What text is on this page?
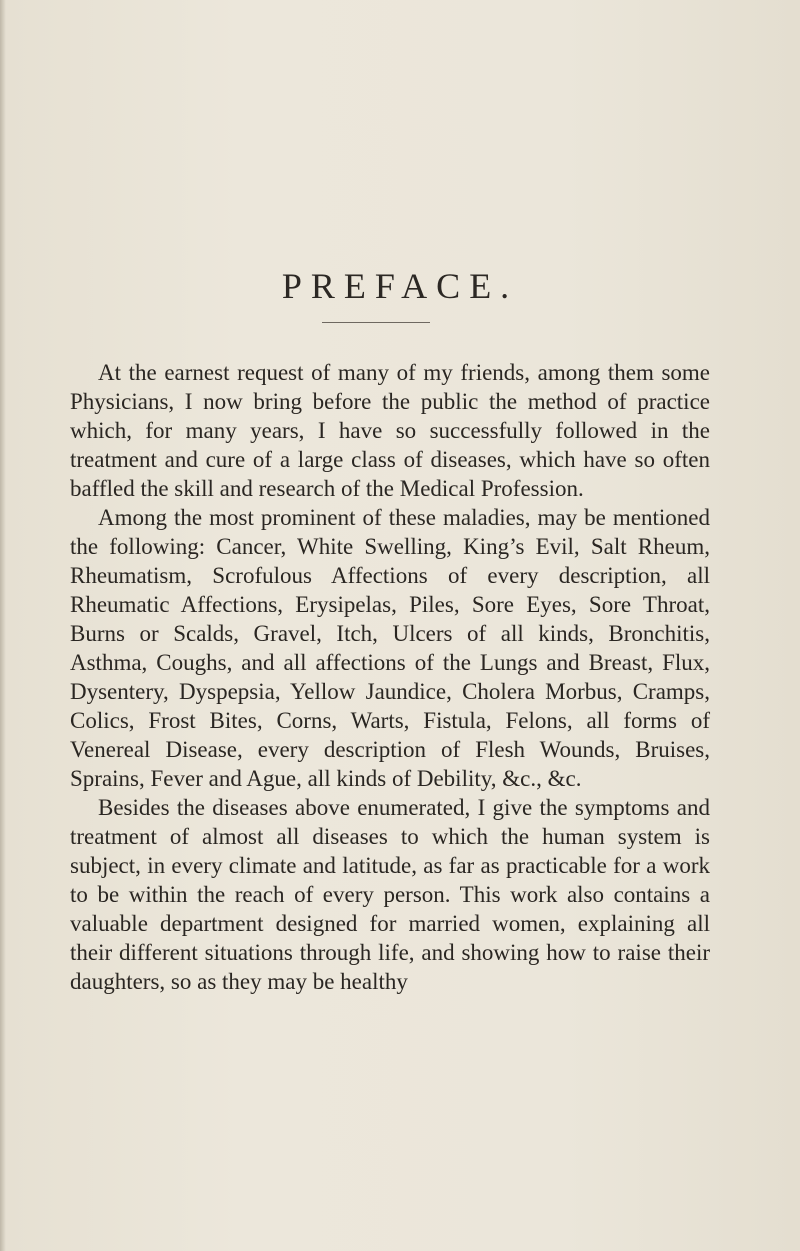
PREFACE.

At the earnest request of many of my friends, among them some Physicians, I now bring before the public the method of practice which, for many years, I have so successfully followed in the treatment and cure of a large class of diseases, which have so often baffled the skill and research of the Medical Profession.

Among the most prominent of these maladies, may be mentioned the following: Cancer, White Swelling, King’s Evil, Salt Rheum, Rheumatism, Scrofulous Affections of every description, all Rheumatic Affections, Erysipelas, Piles, Sore Eyes, Sore Throat, Burns or Scalds, Gravel, Itch, Ulcers of all kinds, Bronchitis, Asthma, Coughs, and all affections of the Lungs and Breast, Flux, Dysentery, Dyspepsia, Yellow Jaundice, Cholera Morbus, Cramps, Colics, Frost Bites, Corns, Warts, Fistula, Felons, all forms of Venereal Disease, every description of Flesh Wounds, Bruises, Sprains, Fever and Ague, all kinds of Debility, &c., &c.

Besides the diseases above enumerated, I give the symptoms and treatment of almost all diseases to which the human system is subject, in every climate and latitude, as far as practicable for a work to be within the reach of every person. This work also contains a valuable department designed for married women, explaining all their different situations through life, and showing how to raise their daughters, so as they may be healthy
